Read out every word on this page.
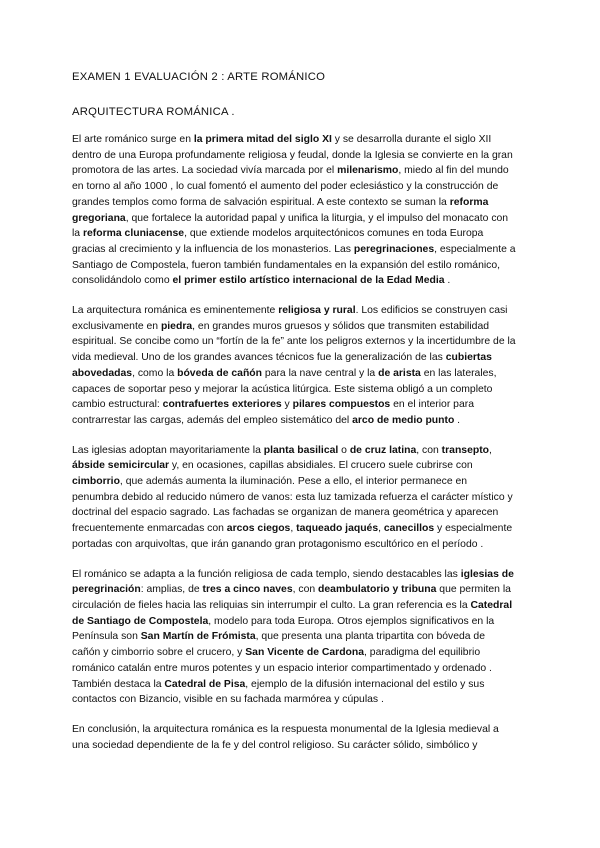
EXAMEN 1 EVALUACIÓN 2 : ARTE ROMÁNICO

ARQUITECTURA ROMÁNICA .

El arte románico surge en la primera mitad del siglo XI y se desarrolla durante el siglo XII dentro de una Europa profundamente religiosa y feudal, donde la Iglesia se convierte en la gran promotora de las artes. La sociedad vivía marcada por el milenarismo, miedo al fin del mundo en torno al año 1000 , lo cual fomentó el aumento del poder eclesiástico y la construcción de grandes templos como forma de salvación espiritual. A este contexto se suman la reforma gregoriana, que fortalece la autoridad papal y unifica la liturgia, y el impulso del monacato con la reforma cluniacense, que extiende modelos arquitectónicos comunes en toda Europa gracias al crecimiento y la influencia de los monasterios. Las peregrinaciones, especialmente a Santiago de Compostela, fueron también fundamentales en la expansión del estilo románico, consolidándolo como el primer estilo artístico internacional de la Edad Media .

La arquitectura románica es eminentemente religiosa y rural. Los edificios se construyen casi exclusivamente en piedra, en grandes muros gruesos y sólidos que transmiten estabilidad espiritual. Se concibe como un “fortín de la fe” ante los peligros externos y la incertidumbre de la vida medieval. Uno de los grandes avances técnicos fue la generalización de las cubiertas abovedadas, como la bóveda de cañón para la nave central y la de arista en las laterales, capaces de soportar peso y mejorar la acústica litúrgica. Este sistema obligó a un completo cambio estructural: contrafuertes exteriores y pilares compuestos en el interior para contrarrestar las cargas, además del empleo sistemático del arco de medio punto .

Las iglesias adoptan mayoritariamente la planta basilical o de cruz latina, con transepto, ábside semicircular y, en ocasiones, capillas absidiales. El crucero suele cubrirse con cimborrio, que además aumenta la iluminación. Pese a ello, el interior permanece en penumbra debido al reducido número de vanos: esta luz tamizada refuerza el carácter místico y doctrinal del espacio sagrado. Las fachadas se organizan de manera geométrica y aparecen frecuentemente enmarcadas con arcos ciegos, taqueado jaqués, canecillos y especialmente portadas con arquivoltas, que irán ganando gran protagonismo escultórico en el período .

El románico se adapta a la función religiosa de cada templo, siendo destacables las iglesias de peregrinación: amplias, de tres a cinco naves, con deambulatorio y tribuna que permiten la circulación de fieles hacia las reliquias sin interrumpir el culto. La gran referencia es la Catedral de Santiago de Compostela, modelo para toda Europa. Otros ejemplos significativos en la Península son San Martín de Frómista, que presenta una planta tripartita con bóveda de cañón y cimborrio sobre el crucero, y San Vicente de Cardona, paradigma del equilibrio románico catalán entre muros potentes y un espacio interior compartimentado y ordenado . También destaca la Catedral de Pisa, ejemplo de la difusión internacional del estilo y sus contactos con Bizancio, visible en su fachada marmórea y cúpulas .

En conclusión, la arquitectura románica es la respuesta monumental de la Iglesia medieval a una sociedad dependiente de la fe y del control religioso. Su carácter sólido, simbólico y
